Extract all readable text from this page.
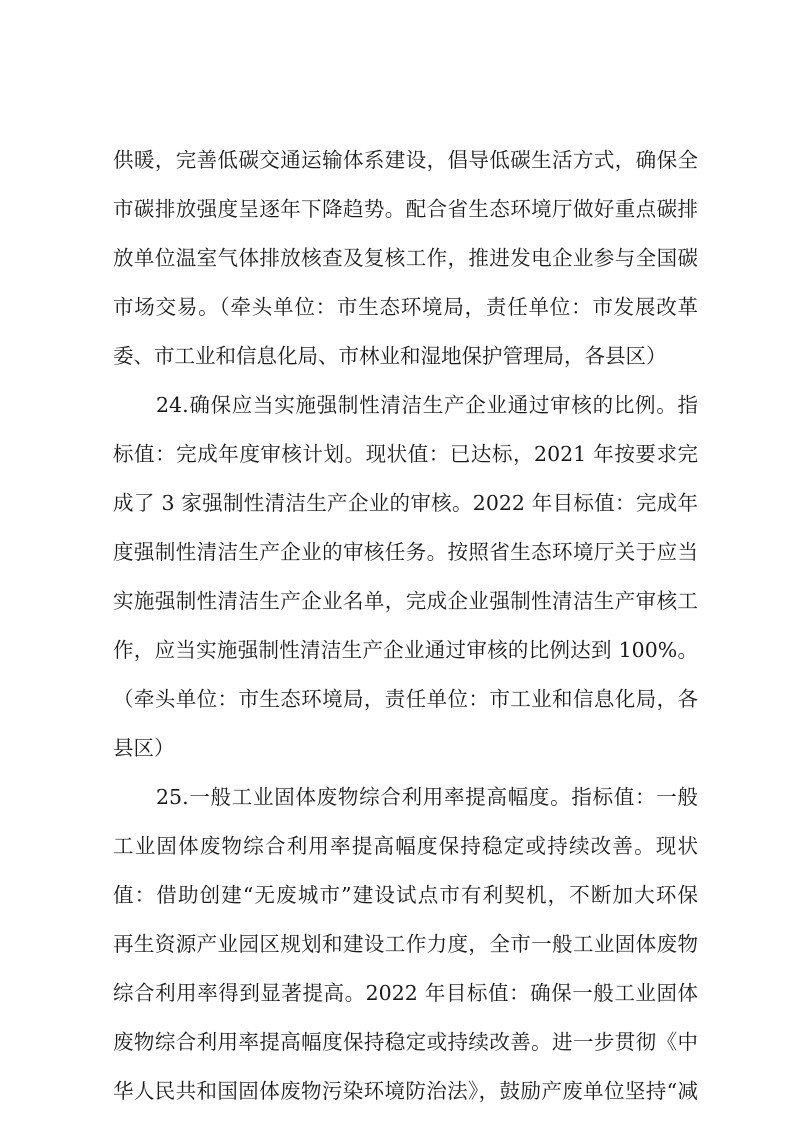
供暖，完善低碳交通运输体系建设，倡导低碳生活方式，确保全
市碳排放强度呈逐年下降趋势。配合省生态环境厅做好重点碳排
放单位温室气体排放核查及复核工作，推进发电企业参与全国碳
市场交易。（牵头单位：市生态环境局，责任单位：市发展改革
委、市工业和信息化局、市林业和湿地保护管理局，各县区）
24.确保应当实施强制性清洁生产企业通过审核的比例。指
标值：完成年度审核计划。现状值：已达标，2021 年按要求完
成了 3 家强制性清洁生产企业的审核。2022 年目标值：完成年
度强制性清洁生产企业的审核任务。按照省生态环境厅关于应当
实施强制性清洁生产企业名单，完成企业强制性清洁生产审核工
作，应当实施强制性清洁生产企业通过审核的比例达到 100%。
（牵头单位：市生态环境局，责任单位：市工业和信息化局，各
县区）
25.一般工业固体废物综合利用率提高幅度。指标值：一般
工业固体废物综合利用率提高幅度保持稳定或持续改善。现状
值：借助创建“无废城市”建设试点市有利契机，不断加大环保
再生资源产业园区规划和建设工作力度，全市一般工业固体废物
综合利用率得到显著提高。2022 年目标值：确保一般工业固体
废物综合利用率提高幅度保持稳定或持续改善。进一步贯彻《中
华人民共和国固体废物污染环境防治法》，鼓励产废单位坚持“减
